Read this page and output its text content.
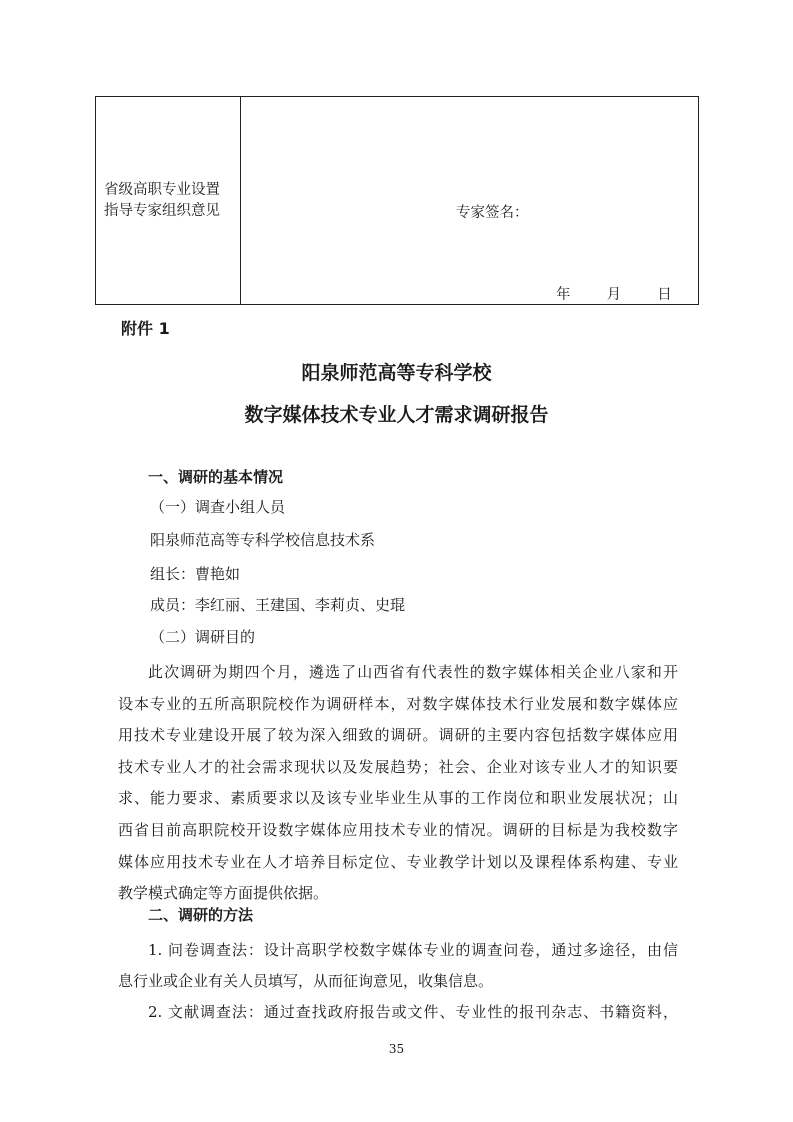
省级高职专业设置
指导专家组织意见	专家签名：
年 月 日
附件 1
阳泉师范高等专科学校
数字媒体技术专业人才需求调研报告
一、调研的基本情况
（一）调查小组人员
阳泉师范高等专科学校信息技术系
组长：曹艳如
成员：李红丽、王建国、李莉贞、史琨
（二）调研目的
此次调研为期四个月，遴选了山西省有代表性的数字媒体相关企业八家和开
设本专业的五所高职院校作为调研样本，对数字媒体技术行业发展和数字媒体应
用技术专业建设开展了较为深入细致的调研。调研的主要内容包括数字媒体应用
技术专业人才的社会需求现状以及发展趋势；社会、企业对该专业人才的知识要
求、能力要求、素质要求以及该专业毕业生从事的工作岗位和职业发展状况；山
西省目前高职院校开设数字媒体应用技术专业的情况。调研的目标是为我校数字
媒体应用技术专业在人才培养目标定位、专业教学计划以及课程体系构建、专业
教学模式确定等方面提供依据。
二、调研的方法
1. 问卷调查法：设计高职学校数字媒体专业的调查问卷，通过多途径，由信
息行业或企业有关人员填写，从而征询意见，收集信息。
2. 文献调查法：通过查找政府报告或文件、专业性的报刊杂志、书籍资料，
35
